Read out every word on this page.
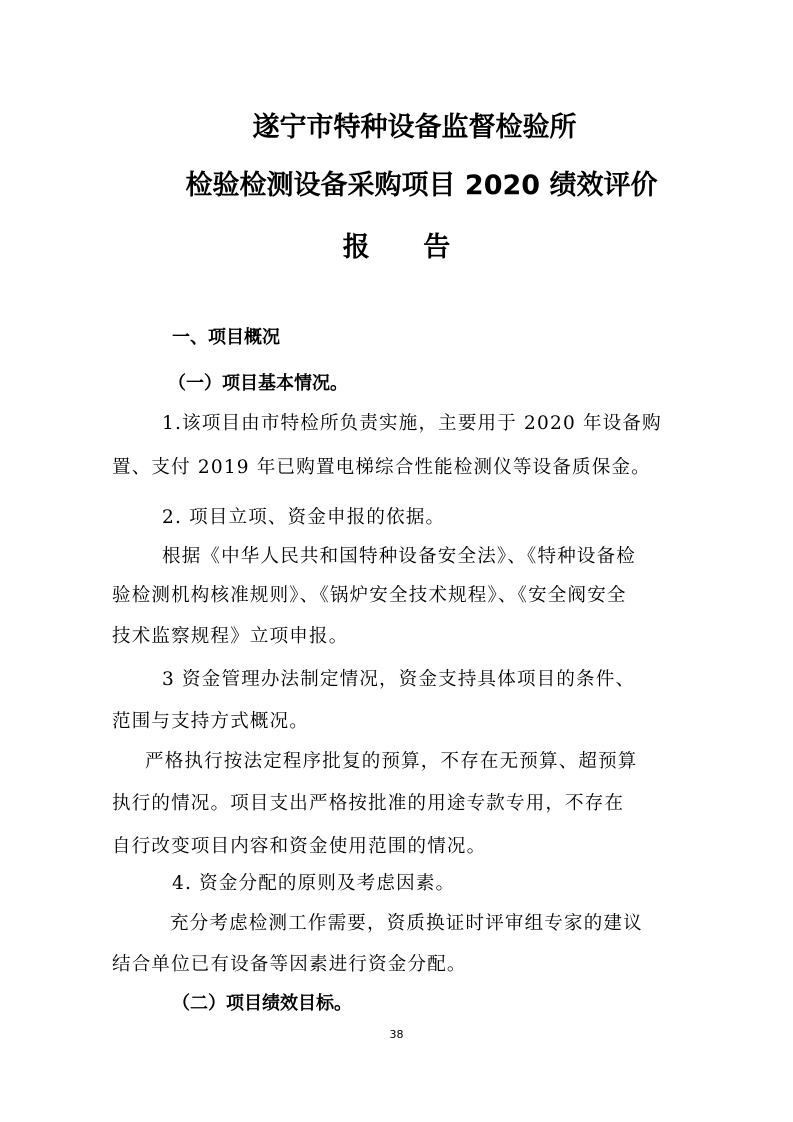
遂宁市特种设备监督检验所
检验检测设备采购项目 2020 绩效评价
报 告
一、项目概况
（一）项目基本情况。
1.该项目由市特检所负责实施，主要用于 2020 年设备购
置、支付 2019 年已购置电梯综合性能检测仪等设备质保金。
2. 项目立项、资金申报的依据。
根据《中华人民共和国特种设备安全法》、《特种设备检
验检测机构核准规则》、《锅炉安全技术规程》、《安全阀安全
技术监察规程》立项申报。
3 资金管理办法制定情况，资金支持具体项目的条件、
范围与支持方式概况。
严格执行按法定程序批复的预算，不存在无预算、超预算
执行的情况。项目支出严格按批准的用途专款专用，不存在
自行改变项目内容和资金使用范围的情况。
4. 资金分配的原则及考虑因素。
充分考虑检测工作需要，资质换证时评审组专家的建议
结合单位已有设备等因素进行资金分配。
（二）项目绩效目标。
38
